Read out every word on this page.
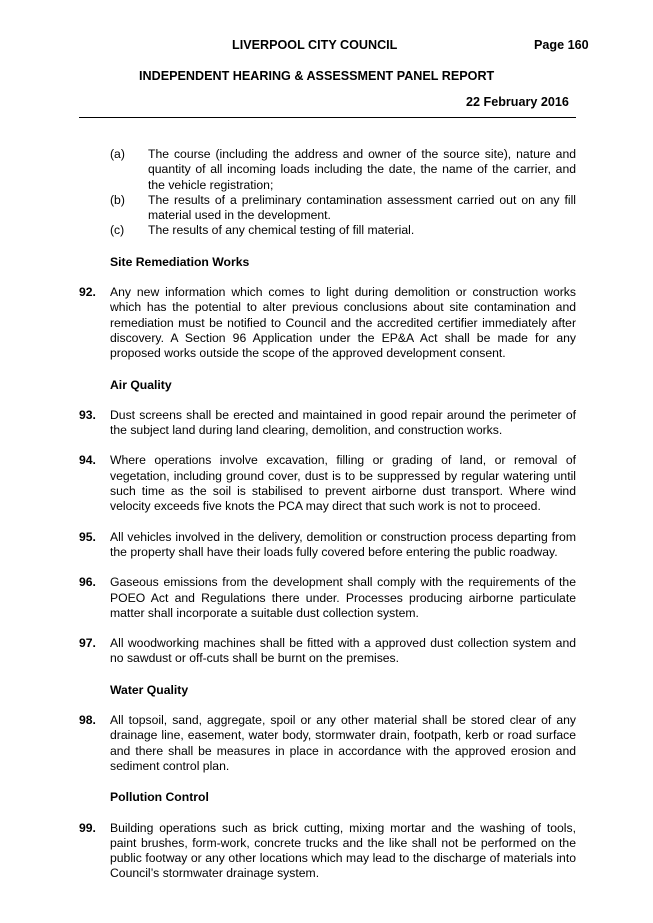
LIVERPOOL CITY COUNCIL	Page 160
INDEPENDENT HEARING & ASSESSMENT PANEL REPORT
22 February 2016
(a)	The course (including the address and owner of the source site), nature and quantity of all incoming loads including the date, the name of the carrier, and the vehicle registration;
(b)	The results of a preliminary contamination assessment carried out on any fill material used in the development.
(c)	The results of any chemical testing of fill material.

Site Remediation Works

92.	Any new information which comes to light during demolition or construction works which has the potential to alter previous conclusions about site contamination and remediation must be notified to Council and the accredited certifier immediately after discovery. A Section 96 Application under the EP&A Act shall be made for any proposed works outside the scope of the approved development consent.

Air Quality

93.	Dust screens shall be erected and maintained in good repair around the perimeter of the subject land during land clearing, demolition, and construction works.
94.	Where operations involve excavation, filling or grading of land, or removal of vegetation, including ground cover, dust is to be suppressed by regular watering until such time as the soil is stabilised to prevent airborne dust transport. Where wind velocity exceeds five knots the PCA may direct that such work is not to proceed.
95.	All vehicles involved in the delivery, demolition or construction process departing from the property shall have their loads fully covered before entering the public roadway.
96.	Gaseous emissions from the development shall comply with the requirements of the POEO Act and Regulations there under. Processes producing airborne particulate matter shall incorporate a suitable dust collection system.
97.	All woodworking machines shall be fitted with a approved dust collection system and no sawdust or off-cuts shall be burnt on the premises.

Water Quality

98.	All topsoil, sand, aggregate, spoil or any other material shall be stored clear of any drainage line, easement, water body, stormwater drain, footpath, kerb or road surface and there shall be measures in place in accordance with the approved erosion and sediment control plan.

Pollution Control

99.	Building operations such as brick cutting, mixing mortar and the washing of tools, paint brushes, form-work, concrete trucks and the like shall not be performed on the public footway or any other locations which may lead to the discharge of materials into Council’s stormwater drainage system.
